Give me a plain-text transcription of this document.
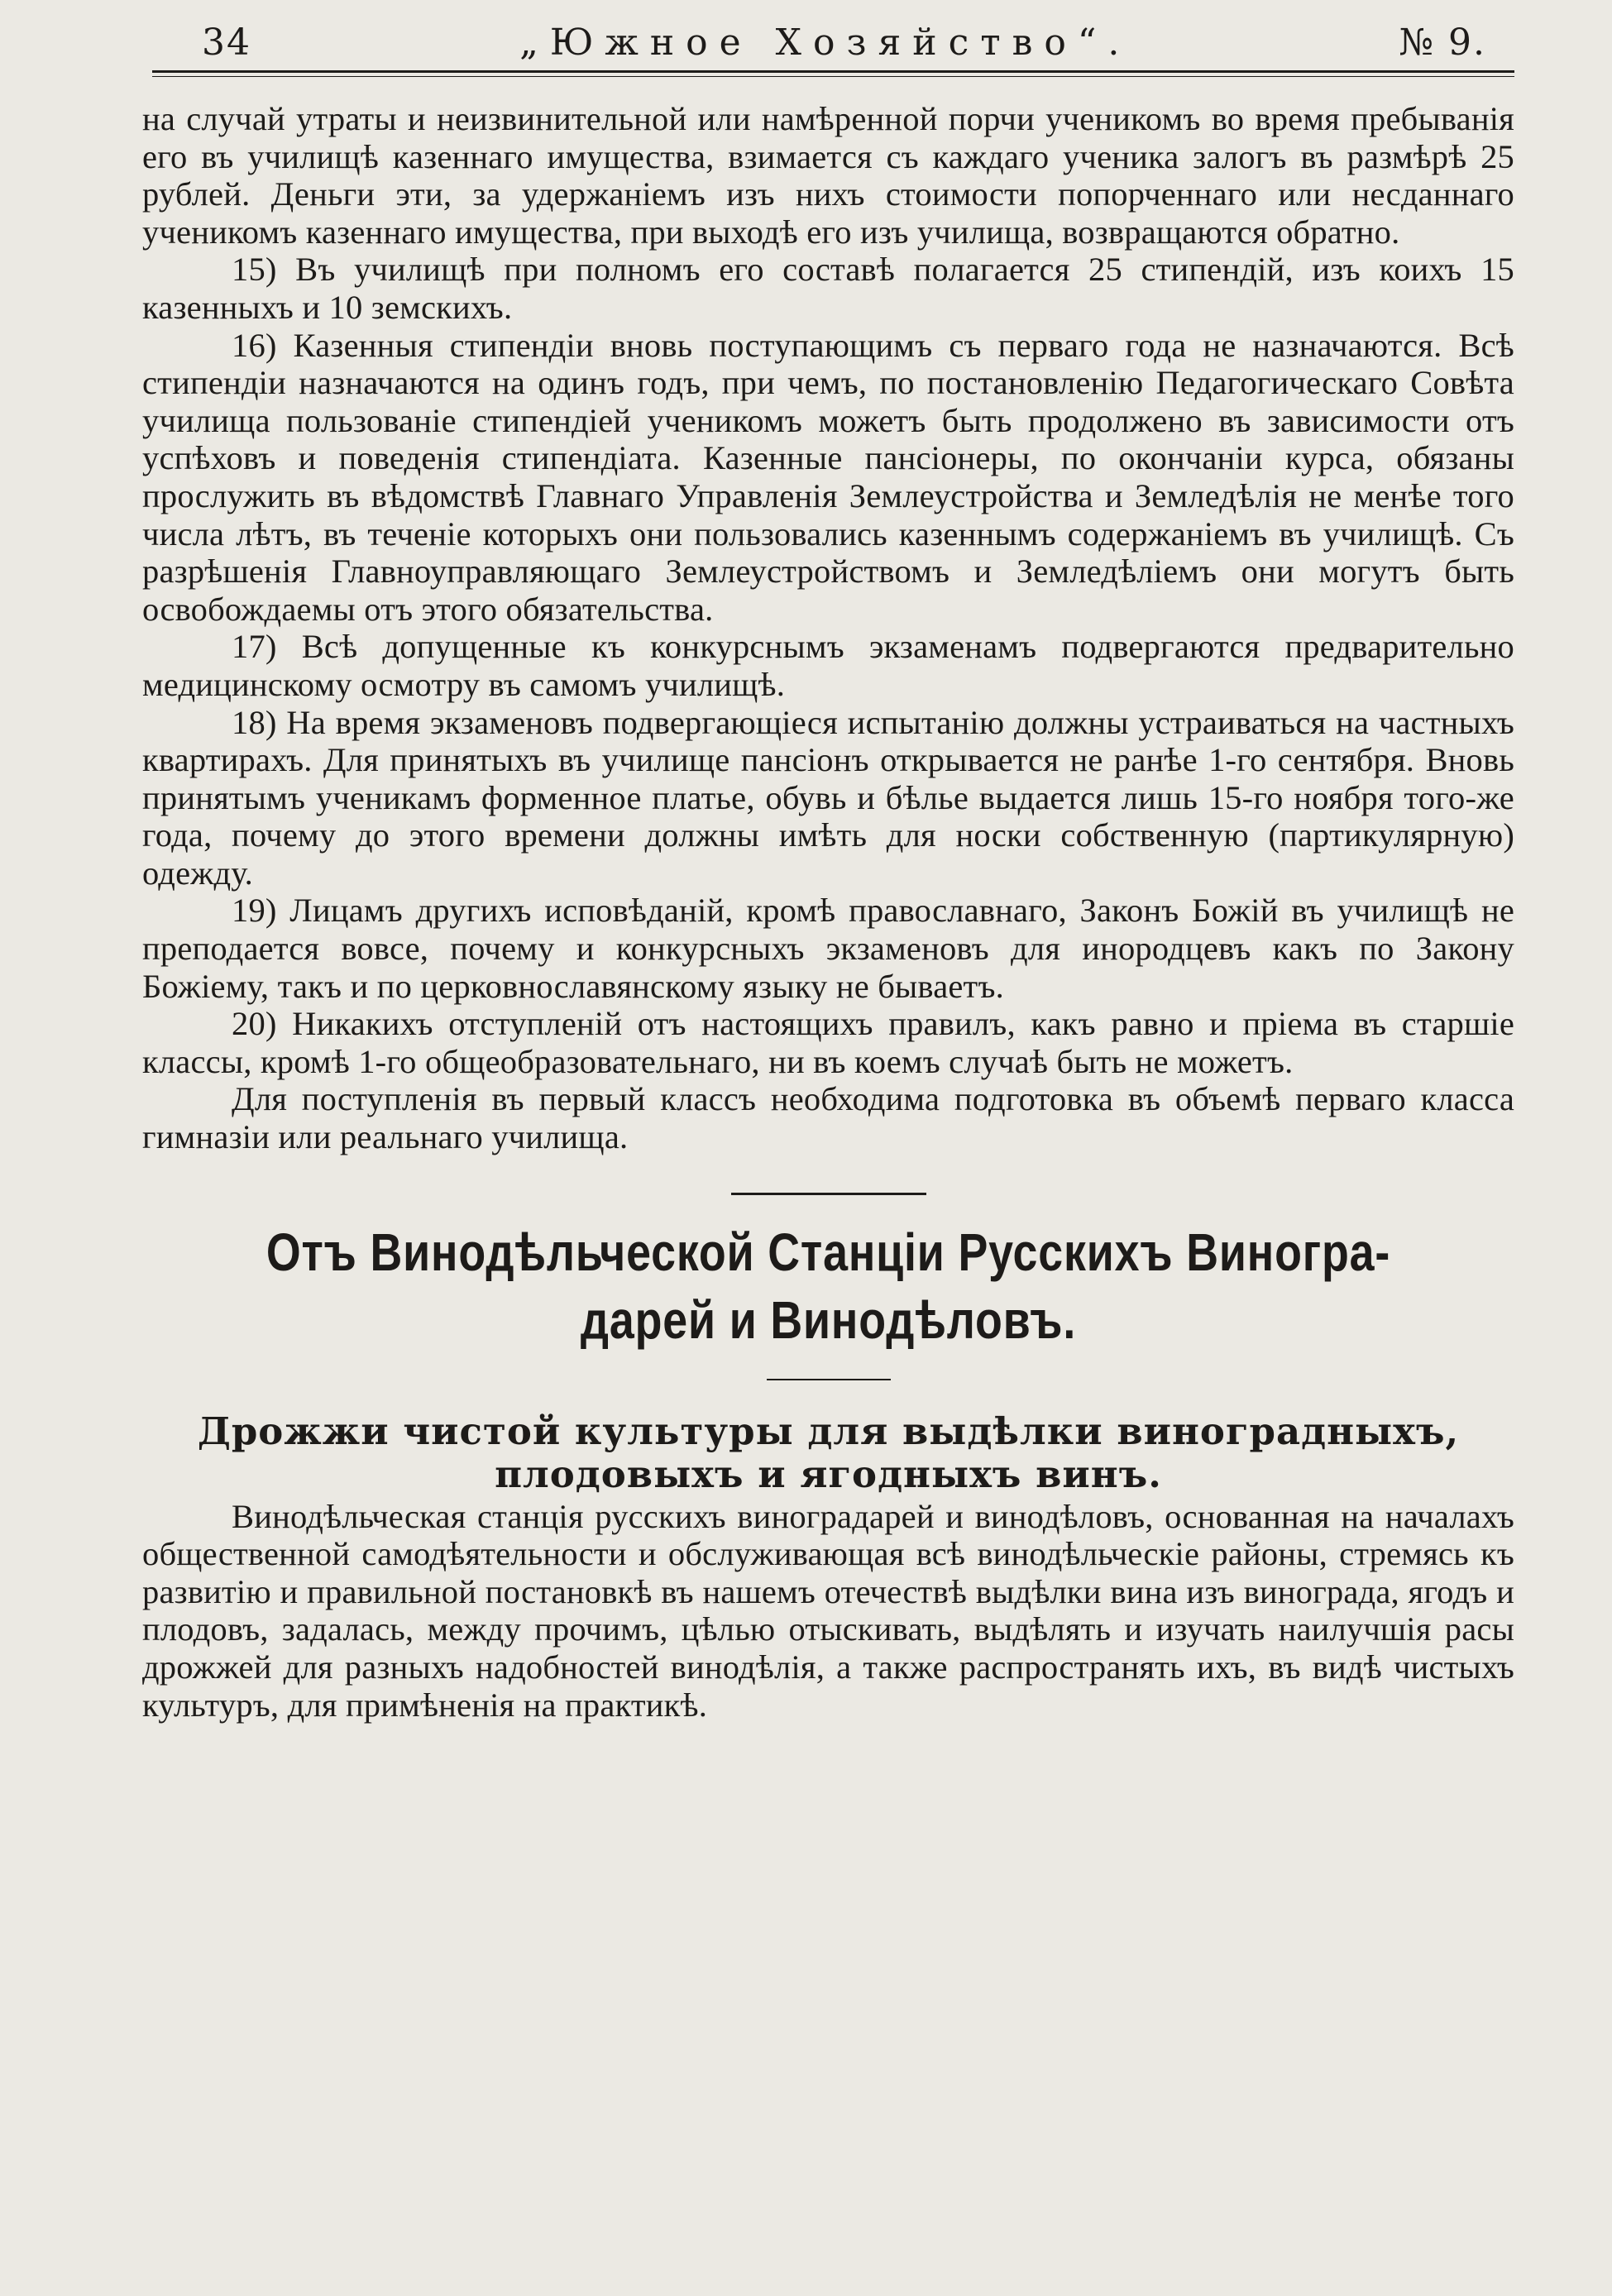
34	„Южное Хозяйство“.	№ 9.

на случай утраты и неизвинительной или намѣренной порчи ученикомъ во время пребыванія его въ училищѣ казеннаго имущества, взимается съ каждаго ученика залогъ въ размѣрѣ 25 рублей. Деньги эти, за удержаніемъ изъ нихъ стоимости попорченнаго или несданнаго ученикомъ казеннаго имущества, при выходѣ его изъ училища, возвращаются обратно.

15) Въ училищѣ при полномъ его составѣ полагается 25 стипендій, изъ коихъ 15 казенныхъ и 10 земскихъ.

16) Казенныя стипендіи вновь поступающимъ съ перваго года не назначаются. Всѣ стипендіи назначаются на одинъ годъ, при чемъ, по постановленію Педагогическаго Совѣта училища пользованіе стипендіей ученикомъ можетъ быть продолжено въ зависимости отъ успѣховъ и поведенія стипендіата. Казенные пансіонеры, по окончаніи курса, обязаны прослужить въ вѣдомствѣ Главнаго Управленія Землеустройства и Земледѣлія не менѣе того числа лѣтъ, въ теченіе которыхъ они пользовались казеннымъ содержаніемъ въ училищѣ. Съ разрѣшенія Главноуправляющаго Землеустройствомъ и Земледѣліемъ они могутъ быть освобождаемы отъ этого обязательства.

17) Всѣ допущенные къ конкурснымъ экзаменамъ подвергаются предварительно медицинскому осмотру въ самомъ училищѣ.

18) На время экзаменовъ подвергающіеся испытанію должны устраиваться на частныхъ квартирахъ. Для принятыхъ въ училище пансіонъ открывается не ранѣе 1-го сентября. Вновь принятымъ ученикамъ форменное платье, обувь и бѣлье выдается лишь 15-го ноября того-же года, почему до этого времени должны имѣть для носки собственную (партикулярную) одежду.

19) Лицамъ другихъ исповѣданій, кромѣ православнаго, Законъ Божій въ училищѣ не преподается вовсе, почему и конкурсныхъ экзаменовъ для инородцевъ какъ по Закону Божіему, такъ и по церковнославянскому языку не бываетъ.

20) Никакихъ отступленій отъ настоящихъ правилъ, какъ равно и пріема въ старшіе классы, кромѣ 1-го общеобразовательнаго, ни въ коемъ случаѣ быть не можетъ.

Для поступленія въ первый классъ необходима подготовка въ объемѣ перваго класса гимназіи или реальнаго училища.

Отъ Винодѣльческой Станціи Русскихъ Виногра-
дарей и Винодѣловъ.
Дрожжи чистой культуры для выдѣлки виноградныхъ,
плодовыхъ и ягодныхъ винъ.

Винодѣльческая станція русскихъ виноградарей и винодѣловъ, основанная на началахъ общественной самодѣятельности и обслуживающая всѣ винодѣльческіе районы, стремясь къ развитію и правильной постановкѣ въ нашемъ отечествѣ выдѣлки вина изъ винограда, ягодъ и плодовъ, задалась, между прочимъ, цѣлью отыскивать, выдѣлять и изучать наилучшія расы дрожжей для разныхъ надобностей винодѣлія, а также распространять ихъ, въ видѣ чистыхъ культуръ, для примѣненія на практикѣ.
